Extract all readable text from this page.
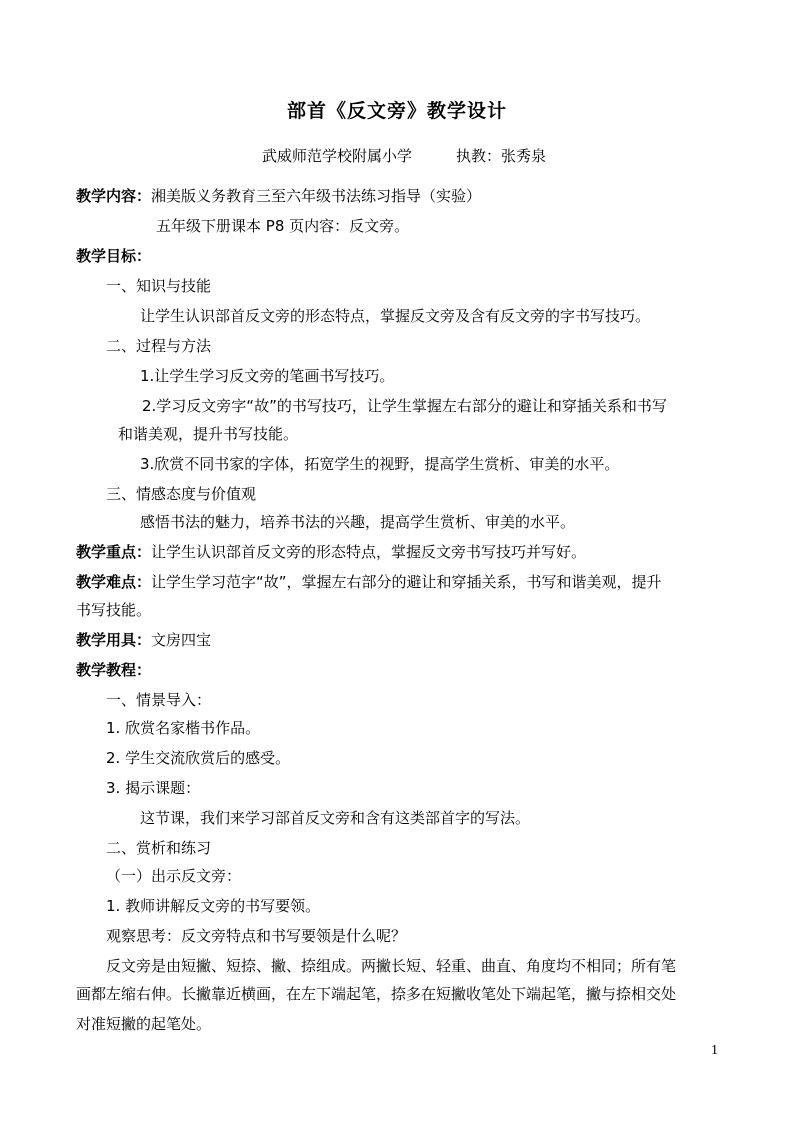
部首《反文旁》教学设计
武威师范学校附属小学	执教：张秀泉
教学内容：湘美版义务教育三至六年级书法练习指导（实验）
五年级下册课本 P8 页内容：反文旁。
教学目标：
一、知识与技能
让学生认识部首反文旁的形态特点，掌握反文旁及含有反文旁的字书写技巧。
二、过程与方法
1.让学生学习反文旁的笔画书写技巧。
2.学习反文旁字“故”的书写技巧，让学生掌握左右部分的避让和穿插关系和书写
和谐美观，提升书写技能。
3.欣赏不同书家的字体，拓宽学生的视野，提高学生赏析、审美的水平。
三、情感态度与价值观
感悟书法的魅力，培养书法的兴趣，提高学生赏析、审美的水平。
教学重点：让学生认识部首反文旁的形态特点，掌握反文旁书写技巧并写好。
教学难点：让学生学习范字“故”，掌握左右部分的避让和穿插关系，书写和谐美观，提升
书写技能。
教学用具：文房四宝
教学教程：
一、情景导入：
1. 欣赏名家楷书作品。
2. 学生交流欣赏后的感受。
3. 揭示课题：
这节课，我们来学习部首反文旁和含有这类部首字的写法。
二、赏析和练习
（一）出示反文旁：
1. 教师讲解反文旁的书写要领。
观察思考：反文旁特点和书写要领是什么呢？
反文旁是由短撇、短捺、撇、捺组成。两撇长短、轻重、曲直、角度均不相同；所有笔
画都左缩右伸。长撇靠近横画，在左下端起笔，捺多在短撇收笔处下端起笔，撇与捺相交处
对准短撇的起笔处。
1
